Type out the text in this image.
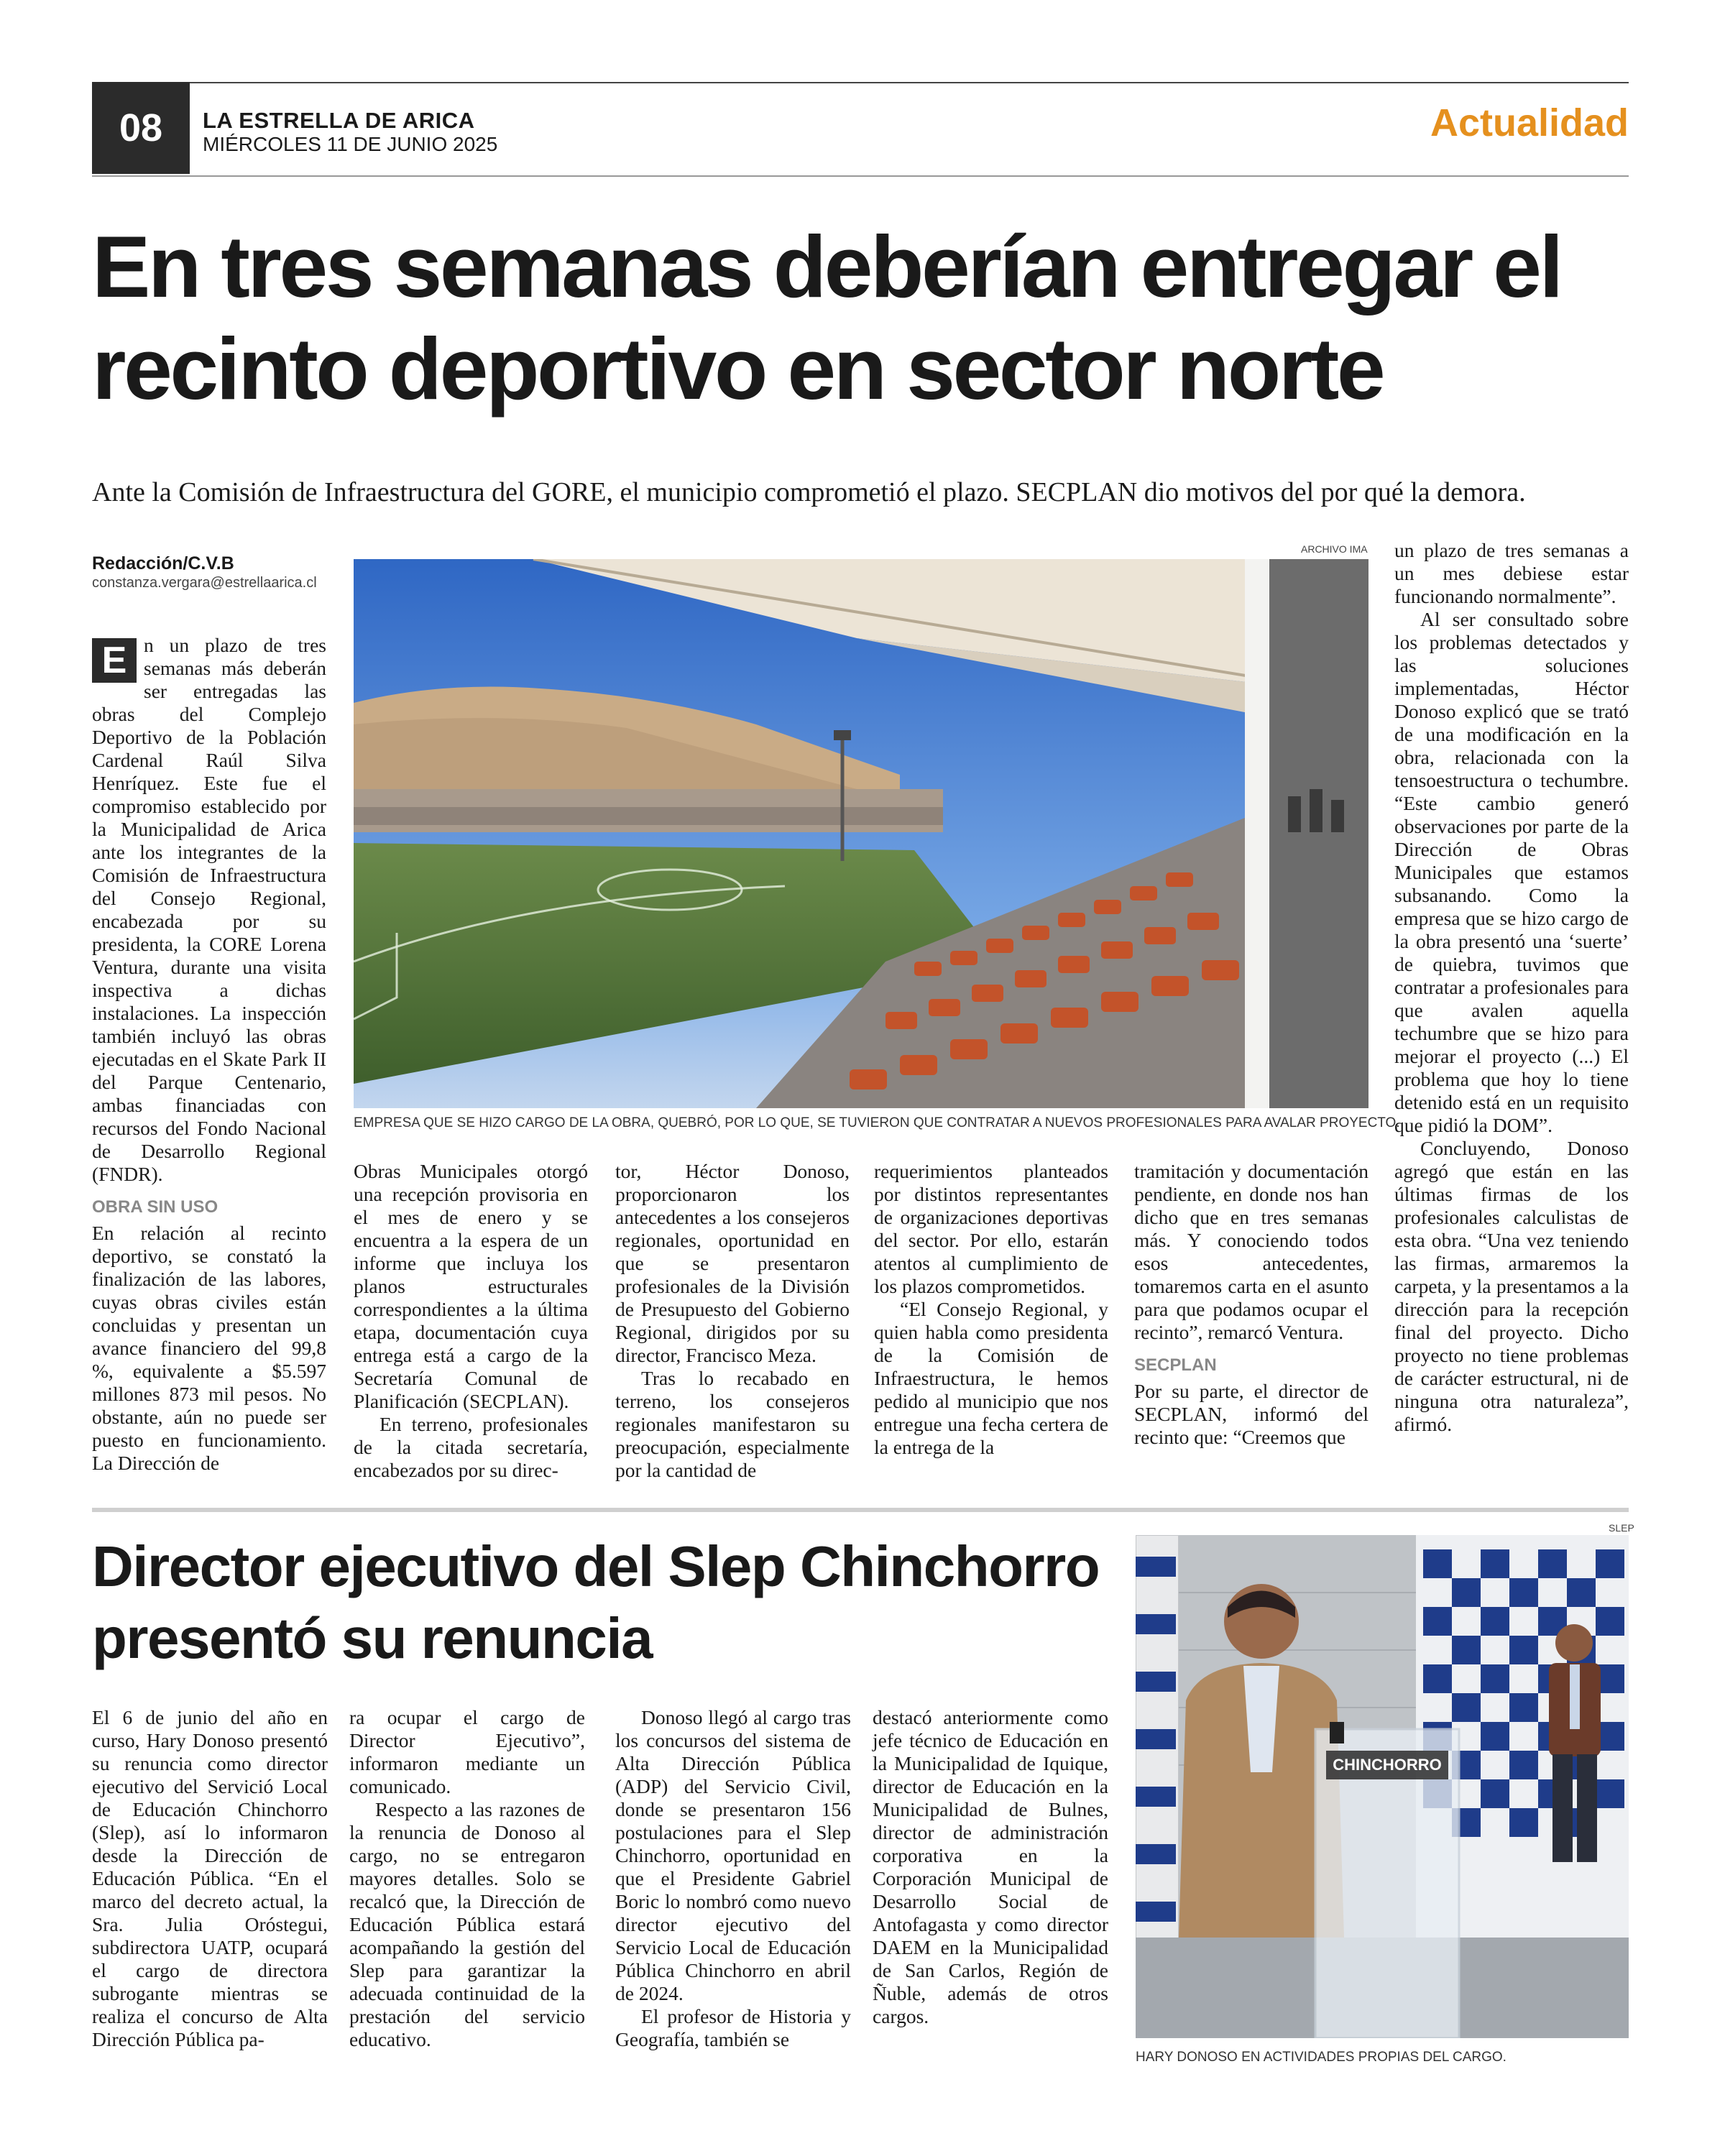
08	LA ESTRELLA DE ARICA
MIÉRCOLES 11 DE JUNIO 2025	Actualidad
En tres semanas deberían entregar el recinto deportivo en sector norte
Ante la Comisión de Infraestructura del GORE, el municipio comprometió el plazo. SECPLAN dio motivos del por qué la demora.
Redacción/C.V.B
constanza.vergara@estrellaarica.cl
ARCHIVO IMA
EMPRESA QUE SE HIZO CARGO DE LA OBRA, QUEBRÓ, POR LO QUE, SE TUVIERON QUE CONTRATAR A NUEVOS PROFESIONALES PARA AVALAR PROYECTO.
E n un plazo de tres semanas más deberán ser entregadas las obras del Complejo Deportivo de la Población Cardenal Raúl Silva Henríquez. Este fue el compromiso establecido por la Municipalidad de Arica ante los integrantes de la Comisión de Infraestructura del Consejo Regional, encabezada por su presidenta, la CORE Lorena Ventura, durante una visita inspectiva a dichas instalaciones. La inspección también incluyó las obras ejecutadas en el Skate Park II del Parque Centenario, ambas financiadas con recursos del Fondo Nacional de Desarrollo Regional (FNDR).

OBRA SIN USO

En relación al recinto deportivo, se constató la finalización de las labores, cuyas obras civiles están concluidas y presentan un avance financiero del 99,8 %, equivalente a $5.597 millones 873 mil pesos. No obstante, aún no puede ser puesto en funcionamiento. La Dirección de

Obras Municipales otorgó una recepción provisoria en el mes de enero y se encuentra a la espera de un informe que incluya los planos estructurales correspondientes a la última etapa, documentación cuya entrega está a cargo de la Secretaría Comunal de Planificación (SECPLAN).

En terreno, profesionales de la citada secretaría, encabezados por su direc-

tor, Héctor Donoso, proporcionaron los antecedentes a los consejeros regionales, oportunidad en que se presentaron profesionales de la División de Presupuesto del Gobierno Regional, dirigidos por su director, Francisco Meza.

Tras lo recabado en terreno, los consejeros regionales manifestaron su preocupación, especialmente por la cantidad de

requerimientos planteados por distintos representantes de organizaciones deportivas del sector. Por ello, estarán atentos al cumplimiento de los plazos comprometidos.

“El Consejo Regional, y quien habla como presidenta de la Comisión de Infraestructura, le hemos pedido al municipio que nos entregue una fecha certera de la entrega de la

tramitación y documentación pendiente, en donde nos han dicho que en tres semanas más. Y conociendo todos esos antecedentes, tomaremos carta en el asunto para que podamos ocupar el recinto”, remarcó Ventura.

SECPLAN

Por su parte, el director de SECPLAN, informó del recinto que: “Creemos que

un plazo de tres semanas a un mes debiese estar funcionando normalmente”.

Al ser consultado sobre los problemas detectados y las soluciones implementadas, Héctor Donoso explicó que se trató de una modificación en la obra, relacionada con la tensoestructura o techumbre. “Este cambio generó observaciones por parte de la Dirección de Obras Municipales que estamos subsanando. Como la empresa que se hizo cargo de la obra presentó una ‘suerte’ de quiebra, tuvimos que contratar a profesionales para que avalen aquella techumbre que se hizo para mejorar el proyecto (...) El problema que hoy lo tiene detenido está en un requisito que pidió la DOM”.

Concluyendo, Donoso agregó que están en las últimas firmas de los profesionales calculistas de esta obra. “Una vez teniendo las firmas, armaremos la carpeta, y la presentamos a la dirección para la recepción final del proyecto. Dicho proyecto no tiene problemas de carácter estructural, ni de ninguna otra naturaleza”, afirmó.

Director ejecutivo del Slep Chinchorro presentó su renuncia
SLEP
CHINCHORRO
HARY DONOSO EN ACTIVIDADES PROPIAS DEL CARGO.

El 6 de junio del año en curso, Hary Donoso presentó su renuncia como director ejecutivo del Servició Local de Educación Chinchorro (Slep), así lo informaron desde la Dirección de Educación Pública. “En el marco del decreto actual, la Sra. Julia Oróstegui, subdirectora UATP, ocupará el cargo de directora subrogante mientras se realiza el concurso de Alta Dirección Pública pa-

ra ocupar el cargo de Director Ejecutivo”, informaron mediante un comunicado.

Respecto a las razones de la renuncia de Donoso al cargo, no se entregaron mayores detalles. Solo se recalcó que, la Dirección de Educación Pública estará acompañando la gestión del Slep para garantizar la adecuada continuidad de la prestación del servicio educativo.

Donoso llegó al cargo tras los concursos del sistema de Alta Dirección Pública (ADP) del Servicio Civil, donde se presentaron 156 postulaciones para el Slep Chinchorro, oportunidad en que el Presidente Gabriel Boric lo nombró como nuevo director ejecutivo del Servicio Local de Educación Pública Chinchorro en abril de 2024.

El profesor de Historia y Geografía, también se

destacó anteriormente como jefe técnico de Educación en la Municipalidad de Iquique, director de Educación en la Municipalidad de Bulnes, director de administración corporativa en la Corporación Municipal de Desarrollo Social de Antofagasta y como director DAEM en la Municipalidad de San Carlos, Región de Ñuble, además de otros cargos.
